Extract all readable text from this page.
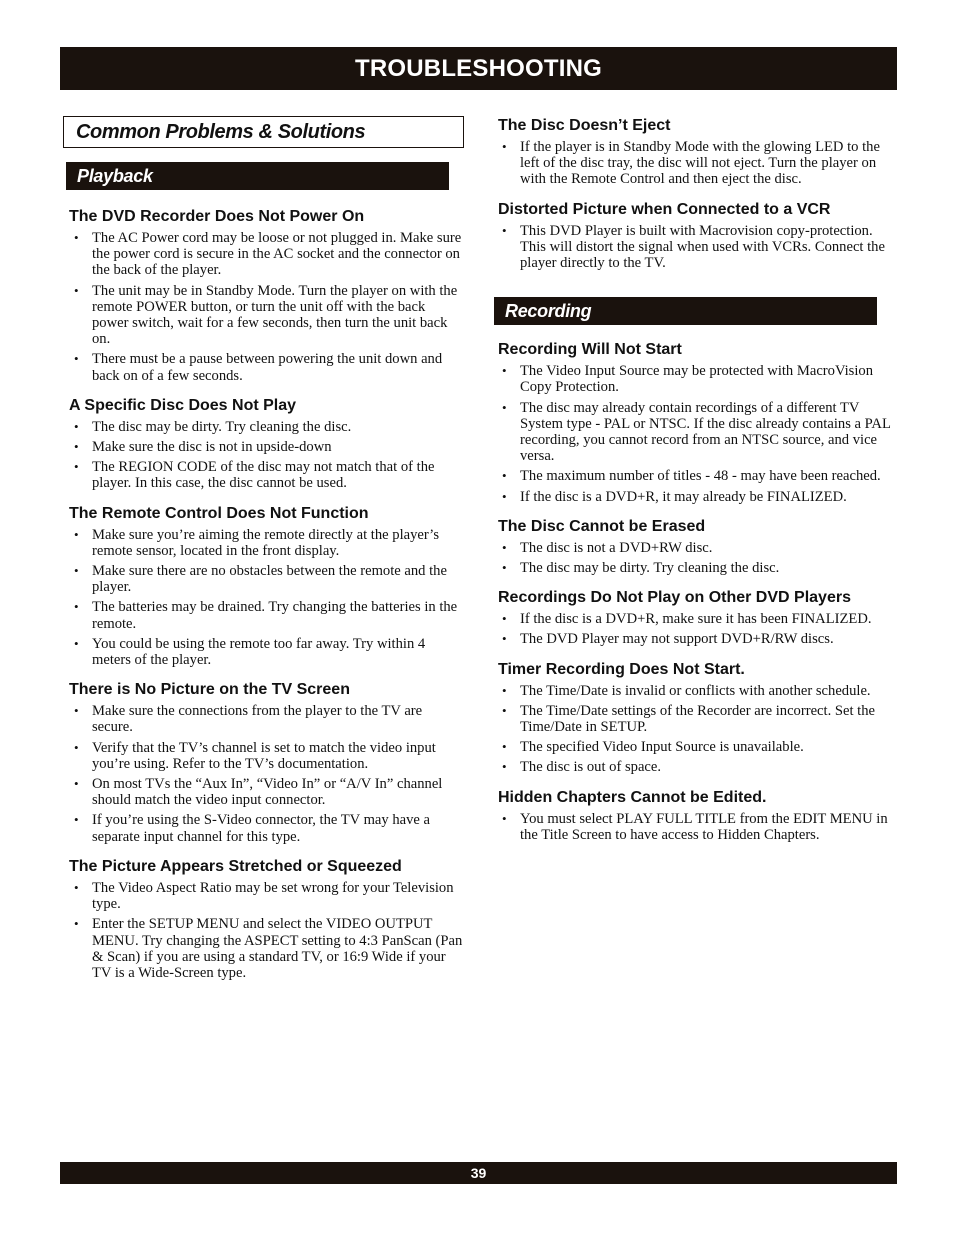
TROUBLESHOOTING
Common Problems & Solutions
Playback
The DVD Recorder Does Not Power On
• The AC Power cord may be loose or not plugged in. Make sure the power cord is secure in the AC socket and the connector on the back of the player.
• The unit may be in Standby Mode. Turn the player on with the remote POWER button, or turn the unit off with the back power switch, wait for a few seconds, then turn the unit back on.
• There must be a pause between powering the unit down and back on of a few seconds.
A Specific Disc Does Not Play
• The disc may be dirty. Try cleaning the disc.
• Make sure the disc is not in upside-down
• The REGION CODE of the disc may not match that of the player. In this case, the disc cannot be used.
The Remote Control Does Not Function
• Make sure you’re aiming the remote directly at the player’s remote sensor, located in the front display.
• Make sure there are no obstacles between the remote and the player.
• The batteries may be drained. Try changing the batteries in the remote.
• You could be using the remote too far away. Try within 4 meters of the player.
There is No Picture on the TV Screen
• Make sure the connections from the player to the TV are secure.
• Verify that the TV’s channel is set to match the video input you’re using. Refer to the TV’s documentation.
• On most TVs the “Aux In”, “Video In” or “A/V In” channel should match the video input connector.
• If you’re using the S-Video connector, the TV may have a separate input channel for this type.
The Picture Appears Stretched or Squeezed
• The Video Aspect Ratio may be set wrong for your Television type.
• Enter the SETUP MENU and select the VIDEO OUTPUT MENU. Try changing the ASPECT setting to 4:3 PanScan (Pan & Scan) if you are using a standard TV, or 16:9 Wide if your TV is a Wide-Screen type.
The Disc Doesn’t Eject
• If the player is in Standby Mode with the glowing LED to the left of the disc tray, the disc will not eject. Turn the player on with the Remote Control and then eject the disc.
Distorted Picture when Connected to a VCR
• This DVD Player is built with Macrovision copy-protection. This will distort the signal when used with VCRs. Connect the player directly to the TV.
Recording
Recording Will Not Start
• The Video Input Source may be protected with MacroVision Copy Protection.
• The disc may already contain recordings of a different TV System type - PAL or NTSC. If the disc already contains a PAL recording, you cannot record from an NTSC source, and vice versa.
• The maximum number of titles - 48 - may have been reached.
• If the disc is a DVD+R, it may already be FINALIZED.
The Disc Cannot be Erased
• The disc is not a DVD+RW disc.
• The disc may be dirty. Try cleaning the disc.
Recordings Do Not Play on Other DVD Players
• If the disc is a DVD+R, make sure it has been FINALIZED.
• The DVD Player may not support DVD+R/RW discs.
Timer Recording Does Not Start.
• The Time/Date is invalid or conflicts with another schedule.
• The Time/Date settings of the Recorder are incorrect. Set the Time/Date in SETUP.
• The specified Video Input Source is unavailable.
• The disc is out of space.
Hidden Chapters Cannot be Edited.
• You must select PLAY FULL TITLE from the EDIT MENU in the Title Screen to have access to Hidden Chapters.
39
